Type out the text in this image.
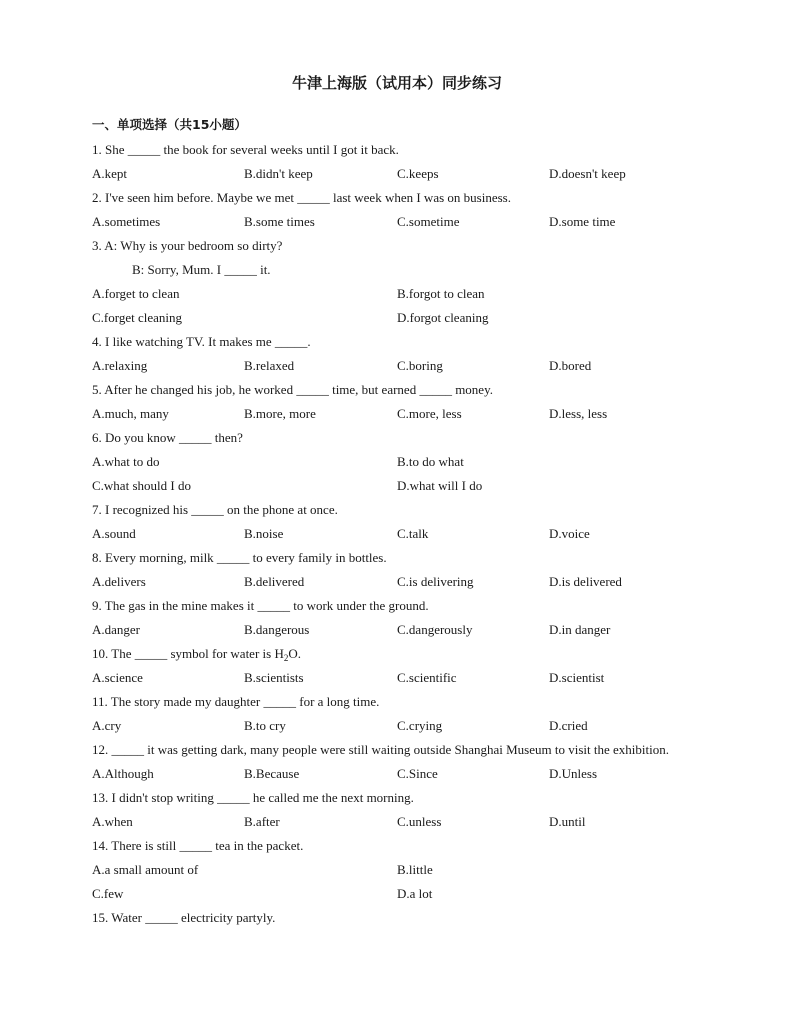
牛津上海版（试用本）同步练习
一、单项选择（共15小题）
1. She _____ the book for several weeks until I got it back.
A.kept	B.didn't keep	C.keeps	D.doesn't keep
2. I've seen him before. Maybe we met _____ last week when I was on business.
A.sometimes	B.some times	C.sometime	D.some time
3. A: Why is your bedroom so dirty?
B: Sorry, Mum. I _____ it.
A.forget to clean	B.forgot to clean
C.forget cleaning	D.forgot cleaning
4. I like watching TV. It makes me _____.
A.relaxing	B.relaxed	C.boring	D.bored
5. After he changed his job, he worked _____ time, but earned _____ money.
A.much, many	B.more, more	C.more, less	D.less, less
6. Do you know _____ then?
A.what to do	B.to do what
C.what should I do	D.what will I do
7. I recognized his _____ on the phone at once.
A.sound	B.noise	C.talk	D.voice
8. Every morning, milk _____ to every family in bottles.
A.delivers	B.delivered	C.is delivering	D.is delivered
9. The gas in the mine makes it _____ to work under the ground.
A.danger	B.dangerous	C.dangerously	D.in danger
10. The _____ symbol for water is $H_2O$.
A.science	B.scientists	C.scientific	D.scientist
11. The story made my daughter _____ for a long time.
A.cry	B.to cry	C.crying	D.cried
12. _____ it was getting dark, many people were still waiting outside Shanghai Museum to visit the exhibition.
A.Although	B.Because	C.Since	D.Unless
13. I didn't stop writing _____ he called me the next morning.
A.when	B.after	C.unless	D.until
14. There is still _____ tea in the packet.
A.a small amount of	B.little
C.few	D.a lot
15. Water _____ electricity partyly.
